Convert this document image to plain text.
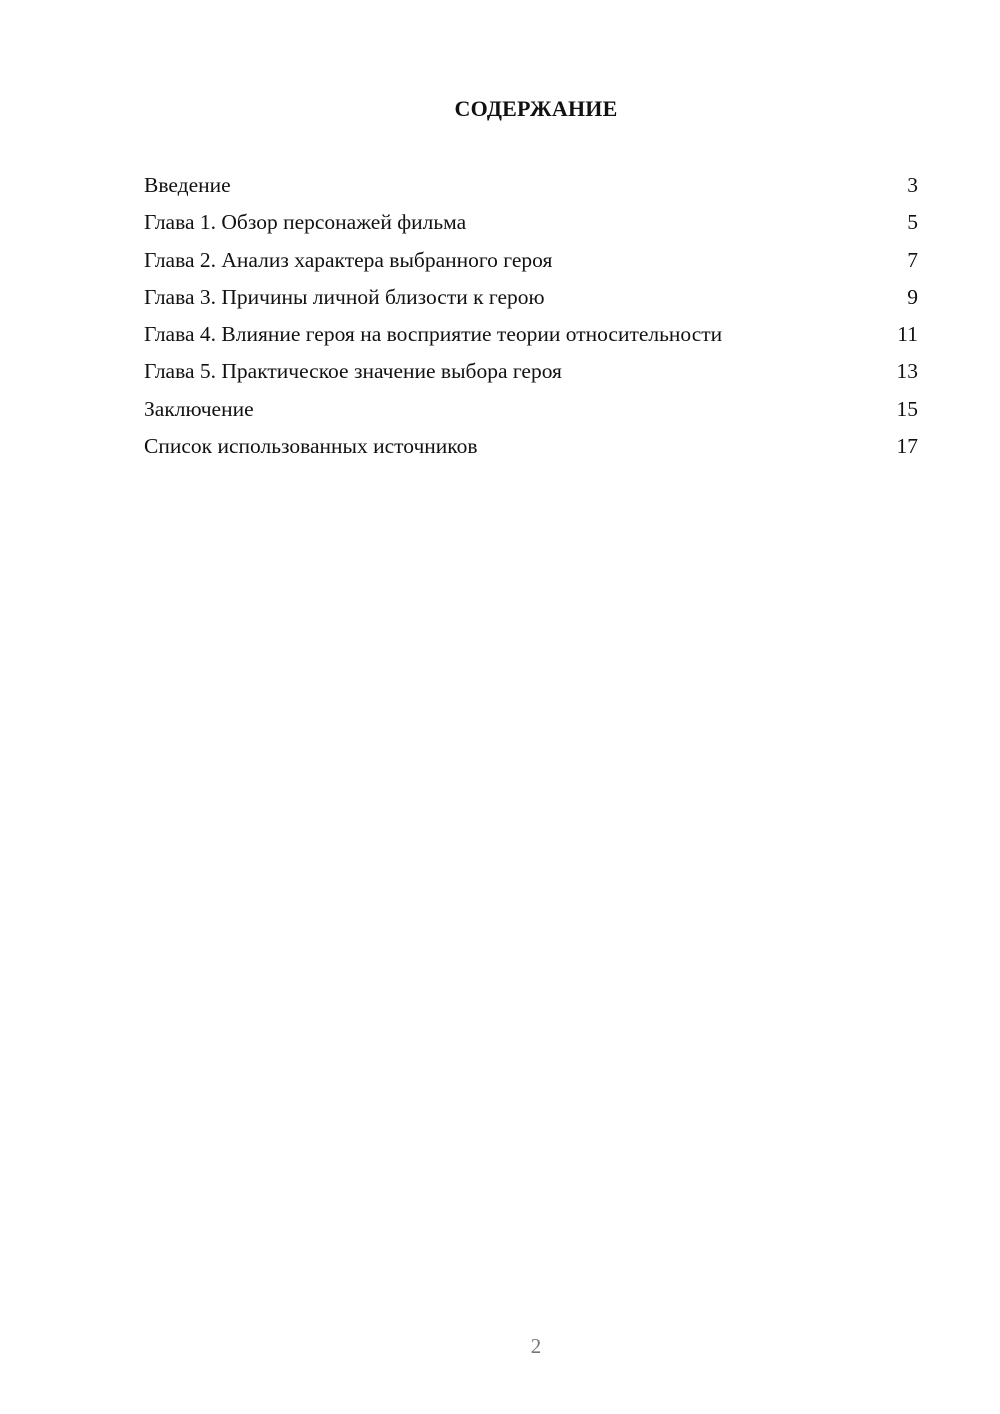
СОДЕРЖАНИЕ
Введение	3
Глава 1. Обзор персонажей фильма	5
Глава 2. Анализ характера выбранного героя	7
Глава 3. Причины личной близости к герою	9
Глава 4. Влияние героя на восприятие теории относительности	11
Глава 5. Практическое значение выбора героя	13
Заключение	15
Список использованных источников	17
2
